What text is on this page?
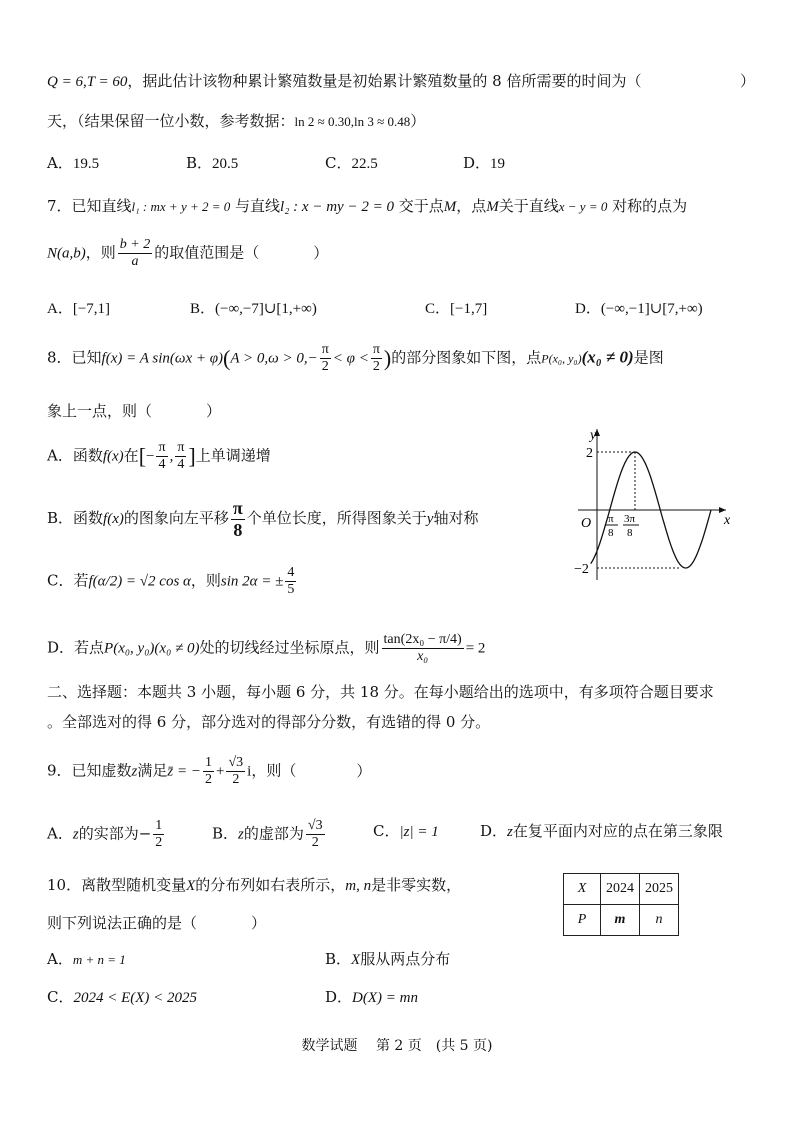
Q = 6,T = 60，据此估计该物种累计繁殖数量是初始累计繁殖数量的 8 倍所需要的时间为（	）
天，（结果保留一位小数，参考数据：ln 2 ≈ 0.30,ln 3 ≈ 0.48）
A．19.5	B．20.5	C．22.5	D．19
7．已知直线l₁ : mx + y + 2 = 0 与直线l₂ : x − my − 2 = 0 交于点M，点M关于直线x − y = 0 对称的点为
N(a,b)，则 $\frac{b + 2}{a}$ 的取值范围是（	）
A．[−7,1]	B．(−∞,−7]∪[1,+∞)	C．[−1,7]	D．(−∞,−1]∪[7,+∞)
8．已知f(x) = A $\sin(\omega x + \varphi)(A > 0,\omega > 0,- \frac{\pi}{2} < \varphi < \frac{\pi}{2}$ )的部分图象如下图，点P(x₀, y₀)(x₀ ≠ 0)是图
象上一点，则（	）
A．函数f(x)在[− $\frac{\pi}{4}$ , $\frac{\pi}{4}$ ]上单调递增
B．函数f(x)的图象向左平移 $\frac{\pi}{8}$ 个单位长度，所得图象关于y轴对称
C．若f(α/2) = √2 cos α，则sin 2α = ± $\frac{4}{5}$
D．若点P(x₀, y₀)(x₀ ≠ 0)处的切线经过坐标原点，则 $\frac{\text{tan(2x₀ − π/4)}}{\text{x₀}} = 2$
y
x
O
2
−2
π
8
3π
8
二、选择题：本题共 3 小题，每小题 6 分，共 18 分。在每小题给出的选项中，有多项符合题目要求
。全部选对的得 6 分，部分选对的得部分分数，有选错的得 0 分。
9．已知虚数z满足z̄ = − $\frac{1}{2} + \frac{√3}{2}$ i，则（	）
A．z的实部为− $\frac{1}{2}$	B．z的虚部为 $\frac{√3}{2}$	C．|z| = 1	D．z在复平面内对应的点在第三象限
10．离散型随机变量X的分布列如右表所示，m, n是非零实数，
则下列说法正确的是（	）
A．m + n = 1	B．X服从两点分布
C．2024 < E(X) < 2025	D．D(X) = mn
X	2024	2025
P	m	n
数学试题　 第 2 页　(共 5 页)
